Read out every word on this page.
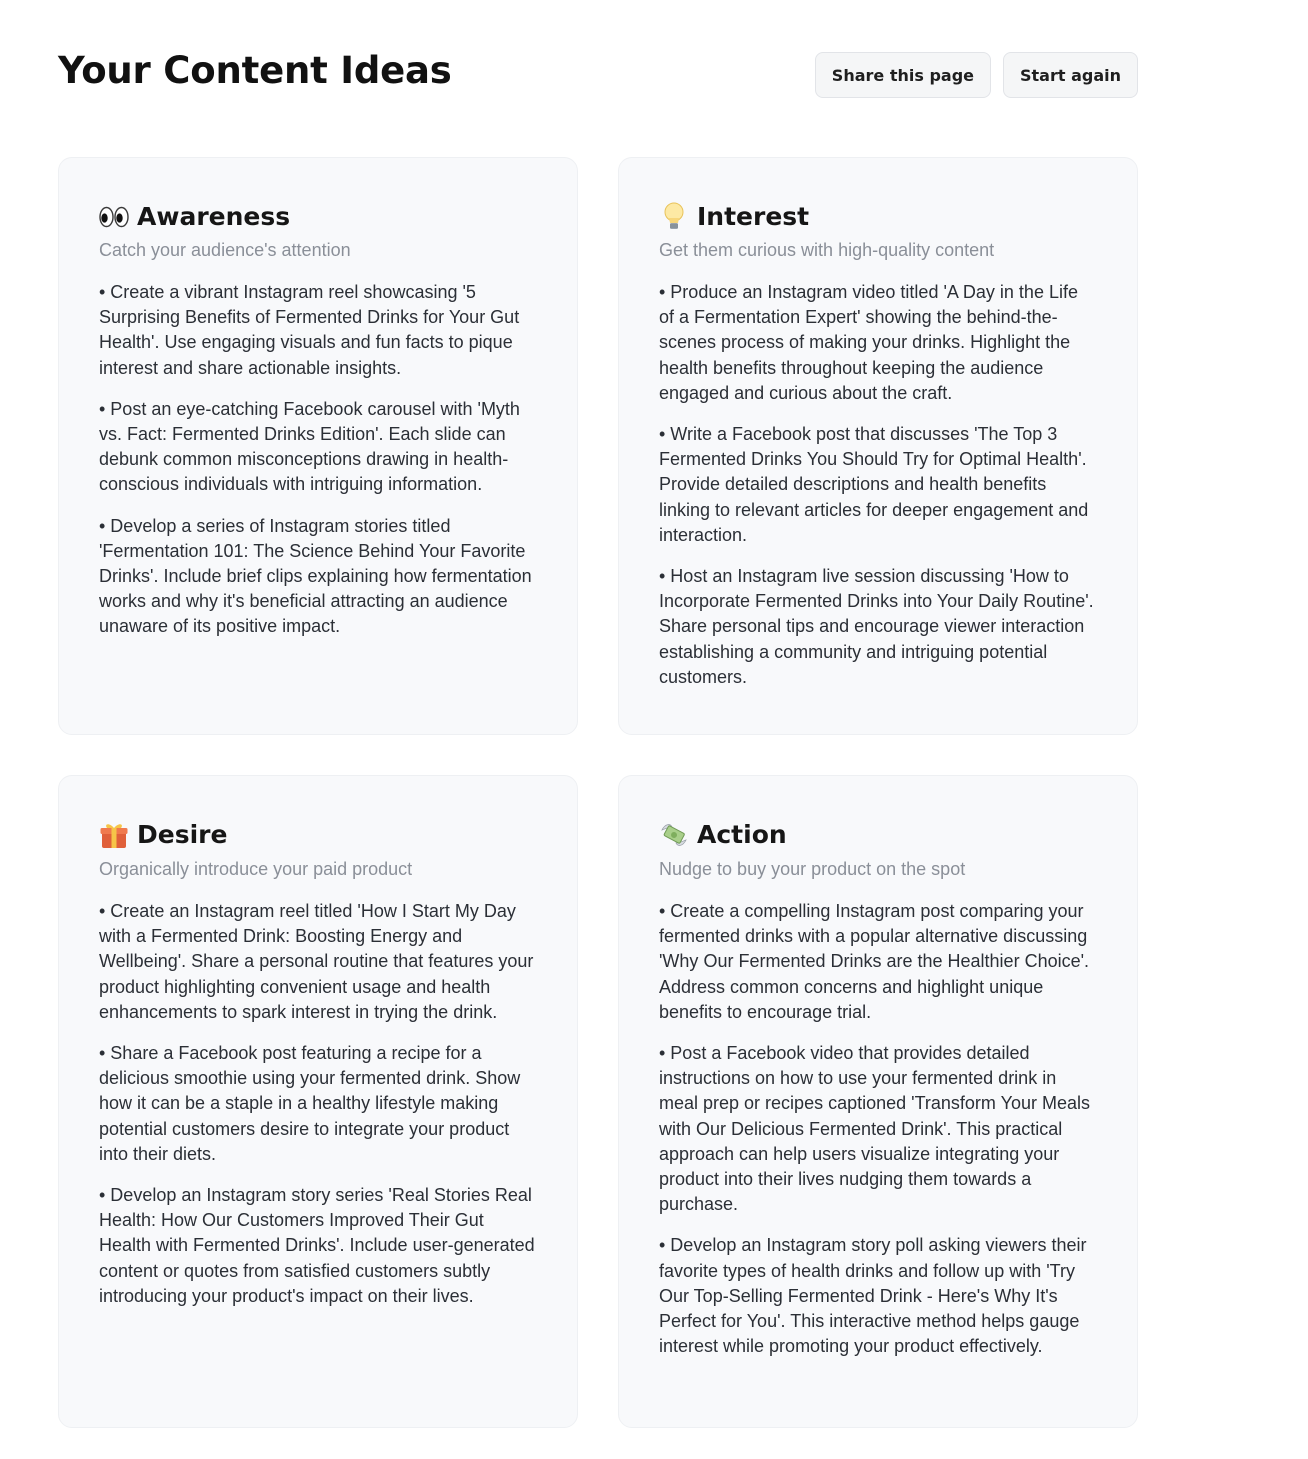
Your Content Ideas	Share this page	Start again
Awareness

Catch your audience's attention

• Create a vibrant Instagram reel showcasing '5 Surprising Benefits of Fermented Drinks for Your Gut Health'. Use engaging visuals and fun facts to pique interest and share actionable insights.

• Post an eye-catching Facebook carousel with 'Myth vs. Fact: Fermented Drinks Edition'. Each slide can debunk common misconceptions drawing in health-conscious individuals with intriguing information.

• Develop a series of Instagram stories titled 'Fermentation 101: The Science Behind Your Favorite Drinks'. Include brief clips explaining how fermentation works and why it's beneficial attracting an audience unaware of its positive impact.

Interest

Get them curious with high-quality content

• Produce an Instagram video titled 'A Day in the Life of a Fermentation Expert' showing the behind-the-scenes process of making your drinks. Highlight the health benefits throughout keeping the audience engaged and curious about the craft.

• Write a Facebook post that discusses 'The Top 3 Fermented Drinks You Should Try for Optimal Health'. Provide detailed descriptions and health benefits linking to relevant articles for deeper engagement and interaction.

• Host an Instagram live session discussing 'How to Incorporate Fermented Drinks into Your Daily Routine'. Share personal tips and encourage viewer interaction establishing a community and intriguing potential customers.

Desire

Organically introduce your paid product

• Create an Instagram reel titled 'How I Start My Day with a Fermented Drink: Boosting Energy and Wellbeing'. Share a personal routine that features your product highlighting convenient usage and health enhancements to spark interest in trying the drink.

• Share a Facebook post featuring a recipe for a delicious smoothie using your fermented drink. Show how it can be a staple in a healthy lifestyle making potential customers desire to integrate your product into their diets.

• Develop an Instagram story series 'Real Stories Real Health: How Our Customers Improved Their Gut Health with Fermented Drinks'. Include user-generated content or quotes from satisfied customers subtly introducing your product's impact on their lives.

Action

Nudge to buy your product on the spot

• Create a compelling Instagram post comparing your fermented drinks with a popular alternative discussing 'Why Our Fermented Drinks are the Healthier Choice'. Address common concerns and highlight unique benefits to encourage trial.

• Post a Facebook video that provides detailed instructions on how to use your fermented drink in meal prep or recipes captioned 'Transform Your Meals with Our Delicious Fermented Drink'. This practical approach can help users visualize integrating your product into their lives nudging them towards a purchase.

• Develop an Instagram story poll asking viewers their favorite types of health drinks and follow up with 'Try Our Top-Selling Fermented Drink - Here's Why It's Perfect for You'. This interactive method helps gauge interest while promoting your product effectively.
